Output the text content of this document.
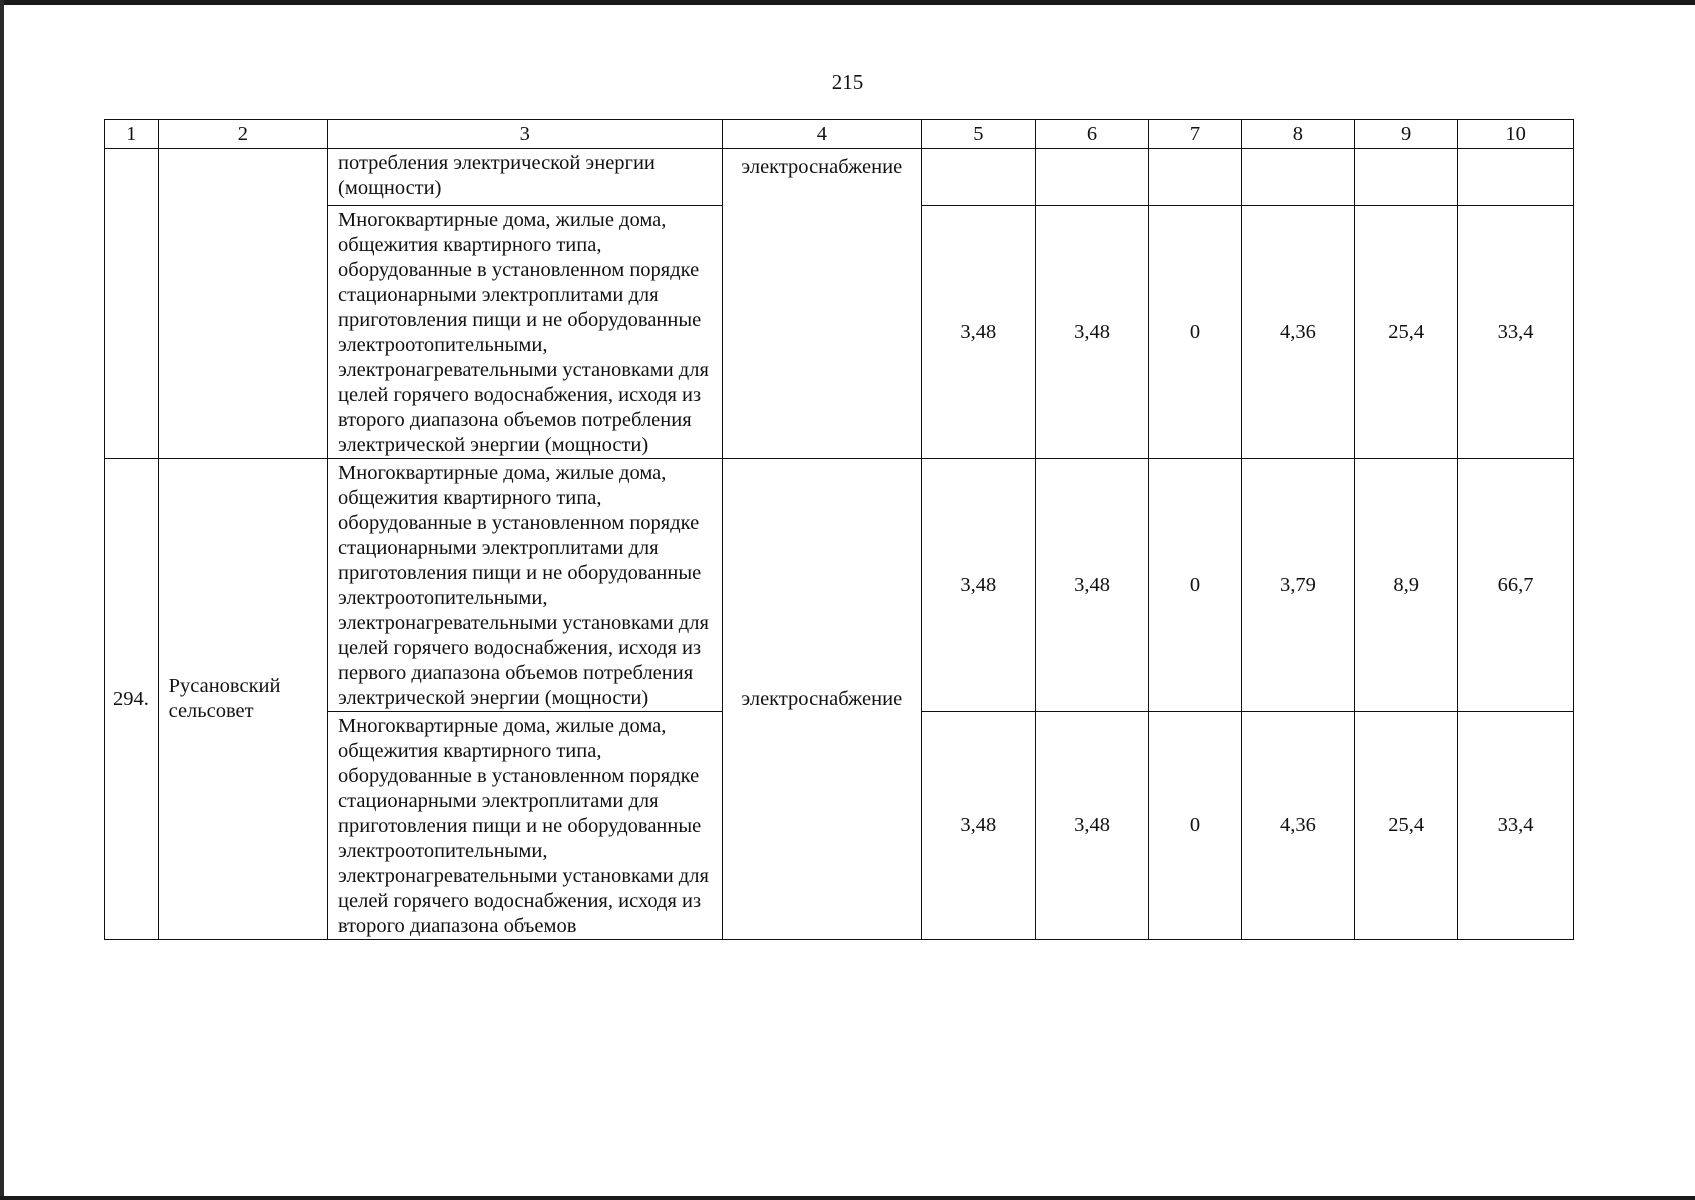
215
1	2	3	4	5	6	7	8	9	10
		потребления электрической энергии (мощности)	электроснабжение						
		Многоквартирные дома, жилые дома, общежития квартирного типа, оборудованные в установленном порядке стационарными электроплитами для приготовления пищи и не оборудованные электроотопительными, электронагревательными установками для целей горячего водоснабжения, исходя из второго диапазона объемов потребления электрической энергии (мощности)		3,48	3,48	0	4,36	25,4	33,4
294.	Русановский сельсовет	Многоквартирные дома, жилые дома, общежития квартирного типа, оборудованные в установленном порядке стационарными электроплитами для приготовления пищи и не оборудованные электроотопительными, электронагревательными установками для целей горячего водоснабжения, исходя из первого диапазона объемов потребления электрической энергии (мощности)	электроснабжение	3,48	3,48	0	3,79	8,9	66,7
		Многоквартирные дома, жилые дома, общежития квартирного типа, оборудованные в установленном порядке стационарными электроплитами для приготовления пищи и не оборудованные электроотопительными, электронагревательными установками для целей горячего водоснабжения, исходя из второго диапазона объемов		3,48	3,48	0	4,36	25,4	33,4
